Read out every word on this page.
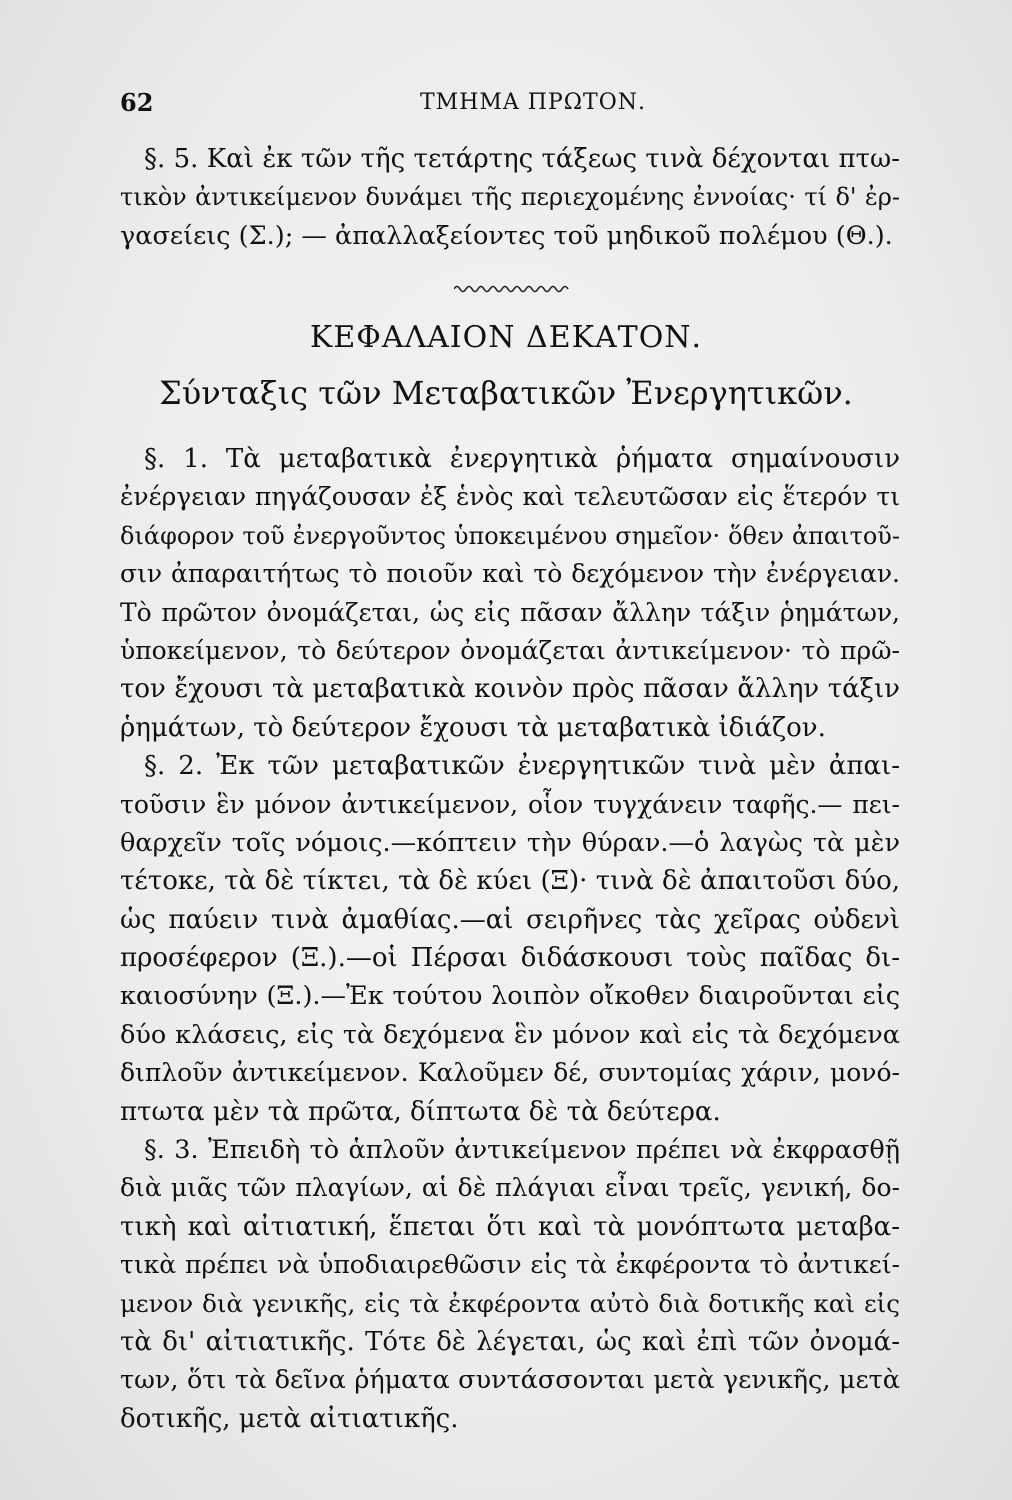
62	ΤΜΗΜΑ ΠΡΩΤΟΝ.
§. 5. Καὶ ἐκ τῶν τῆς τετάρτης τάξεως τινὰ δέχονται πτω-
τικὸν ἀντικείμενον δυνάμει τῆς περιεχομένης ἐννοίας· τί δ' ἐρ-
γασείεις (Σ.); — ἀπαλλαξείοντες τοῦ μηδικοῦ πολέμου (Θ.).
ΚΕΦΑΛΑΙΟΝ ΔΕΚΑΤΟΝ.
Σύνταξις τῶν Μεταβατικῶν Ἐνεργητικῶν.
§. 1. Τὰ μεταβατικὰ ἐνεργητικὰ ῥήματα σημαίνουσιν
ἐνέργειαν πηγάζουσαν ἐξ ἑνὸς καὶ τελευτῶσαν εἰς ἕτερόν τι
διάφορον τοῦ ἐνεργοῦντος ὑποκειμένου σημεῖον· ὅθεν ἀπαιτοῦ-
σιν ἀπαραιτήτως τὸ ποιοῦν καὶ τὸ δεχόμενον τὴν ἐνέργειαν.
Τὸ πρῶτον ὀνομάζεται, ὡς εἰς πᾶσαν ἄλλην τάξιν ῥημάτων,
ὑποκείμενον, τὸ δεύτερον ὀνομάζεται ἀντικείμενον· τὸ πρῶ-
τον ἔχουσι τὰ μεταβατικὰ κοινὸν πρὸς πᾶσαν ἄλλην τάξιν
ῥημάτων, τὸ δεύτερον ἔχουσι τὰ μεταβατικὰ ἰδιάζον.
§. 2. Ἐκ τῶν μεταβατικῶν ἐνεργητικῶν τινὰ μὲν ἀπαι-
τοῦσιν ἓν μόνον ἀντικείμενον, οἷον τυγχάνειν ταφῆς.— πει-
θαρχεῖν τοῖς νόμοις.—κόπτειν τὴν θύραν.—ὁ λαγὼς τὰ μὲν
τέτοκε, τὰ δὲ τίκτει, τὰ δὲ κύει (Ξ)· τινὰ δὲ ἀπαιτοῦσι δύο,
ὡς παύειν τινὰ ἀμαθίας.—αἱ σειρῆνες τὰς χεῖρας οὐδενὶ
προσέφερον (Ξ.).—οἱ Πέρσαι διδάσκουσι τοὺς παῖδας δι-
καιοσύνην (Ξ.).—Ἐκ τούτου λοιπὸν οἴκοθεν διαιροῦνται εἰς
δύο κλάσεις, εἰς τὰ δεχόμενα ἓν μόνον καὶ εἰς τὰ δεχόμενα
διπλοῦν ἀντικείμενον. Καλοῦμεν δέ, συντομίας χάριν, μονό-
πτωτα μὲν τὰ πρῶτα, δίπτωτα δὲ τὰ δεύτερα.
§. 3. Ἐπειδὴ τὸ ἁπλοῦν ἀντικείμενον πρέπει νὰ ἐκφρασθῇ
διὰ μιᾶς τῶν πλαγίων, αἱ δὲ πλάγιαι εἶναι τρεῖς, γενική, δο-
τικὴ καὶ αἰτιατική, ἕπεται ὅτι καὶ τὰ μονόπτωτα μεταβα-
τικὰ πρέπει νὰ ὑποδιαιρεθῶσιν εἰς τὰ ἐκφέροντα τὸ ἀντικεί-
μενον διὰ γενικῆς, εἰς τὰ ἐκφέροντα αὐτὸ διὰ δοτικῆς καὶ εἰς
τὰ δι' αἰτιατικῆς. Τότε δὲ λέγεται, ὡς καὶ ἐπὶ τῶν ὀνομά-
των, ὅτι τὰ δεῖνα ῥήματα συντάσσονται μετὰ γενικῆς, μετὰ
δοτικῆς, μετὰ αἰτιατικῆς.
